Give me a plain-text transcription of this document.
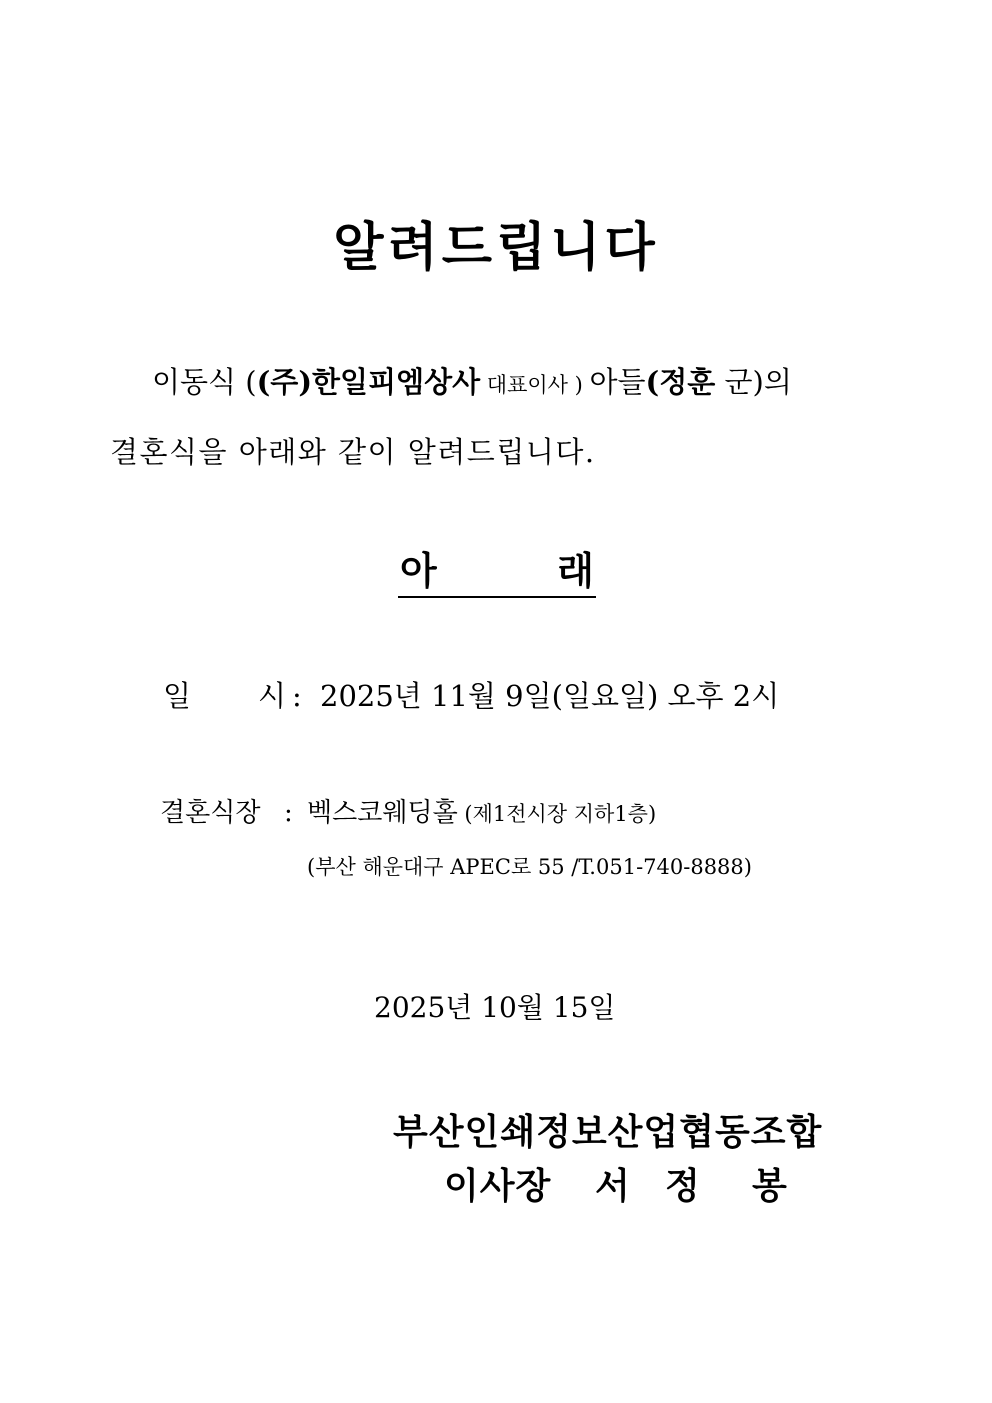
알려드립니다
이동식 ((주)한일피엠상사 대표이사 ) 아들(정훈 군)의
결혼식을 아래와 같이 알려드립니다.
아	래
일 시 : 2025년 11월 9일(일요일) 오후 2시
결혼식장 : 벡스코웨딩홀 (제1전시장 지하1층)
(부산 해운대구 APEC로 55 /T.051-740-8888)
2025년 10월 15일
부산인쇄정보산업협동조합
이사장 서 정 봉
